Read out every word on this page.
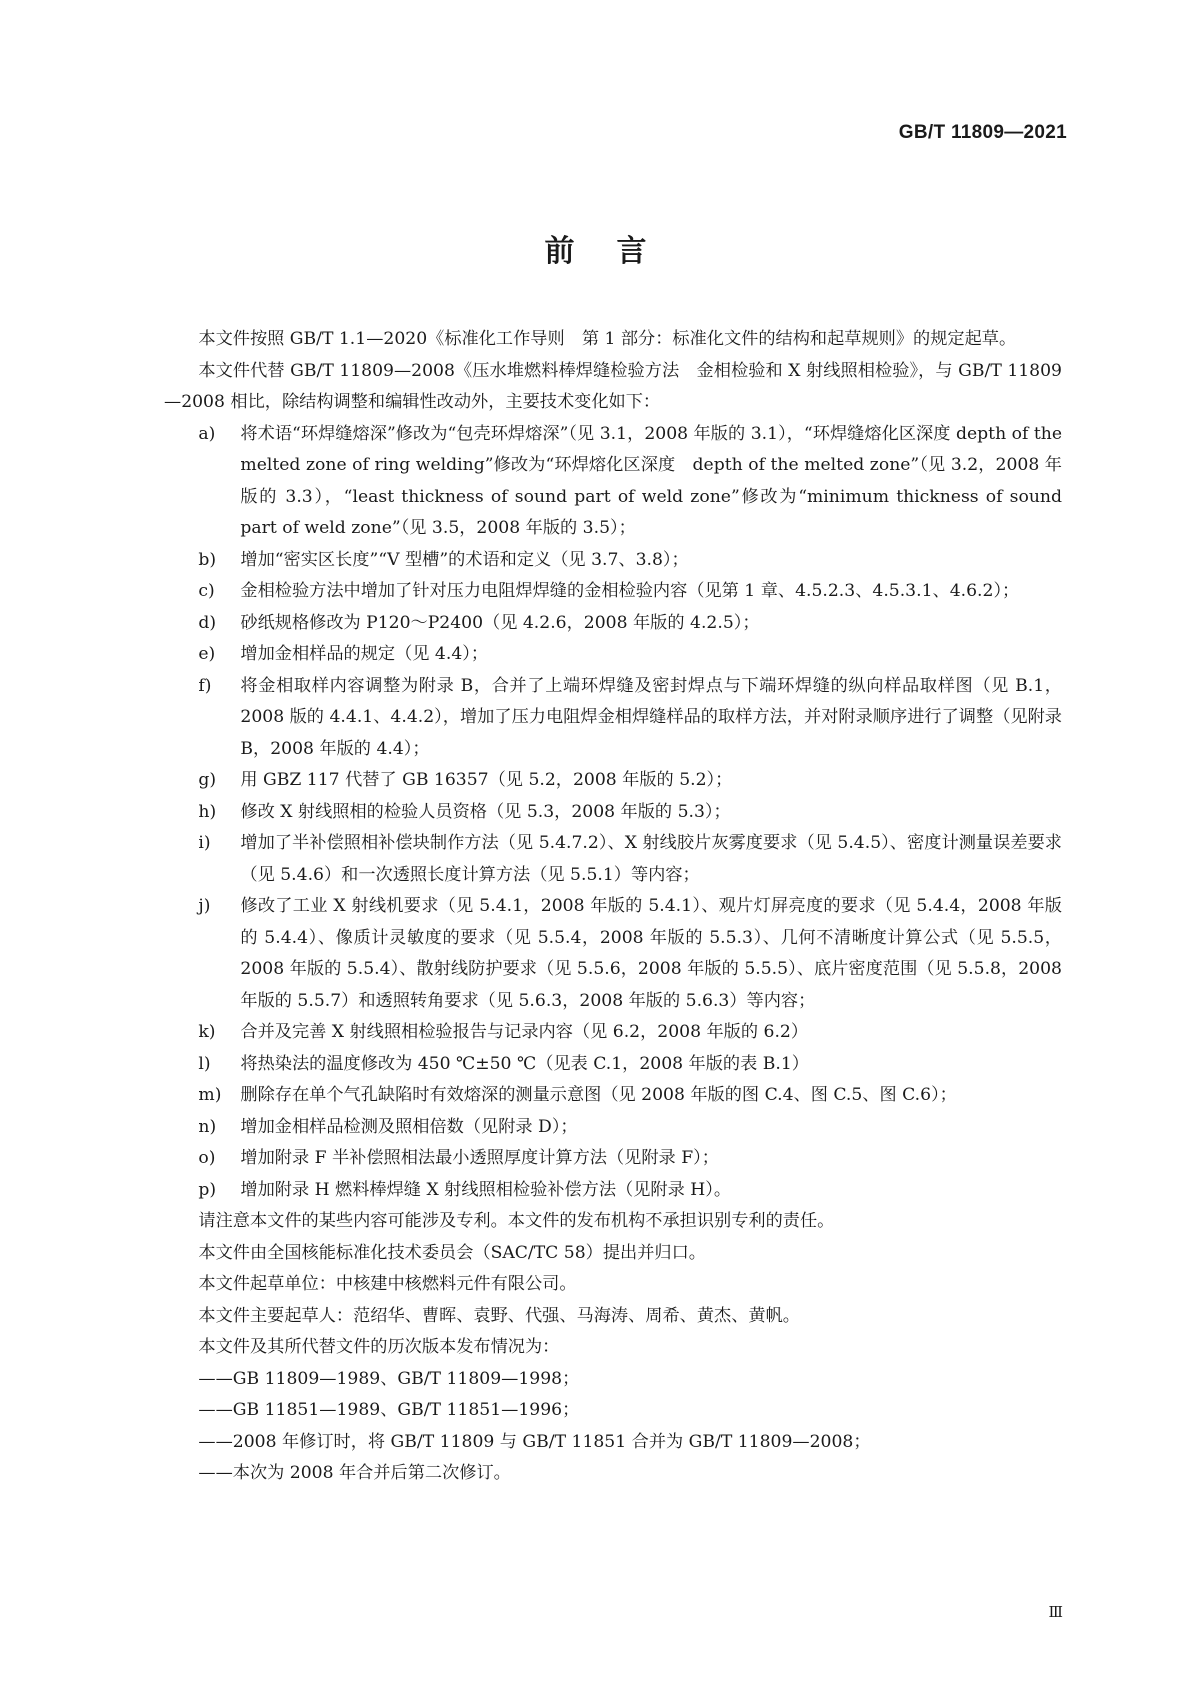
GB/T 11809—2021
前言

本文件按照 GB/T 1.1—2020《标准化工作导则　第 1 部分：标准化文件的结构和起草规则》的规定起草。

本文件代替 GB/T 11809—2008《压水堆燃料棒焊缝检验方法　金相检验和 X 射线照相检验》，与 GB/T 11809—2008 相比，除结构调整和编辑性改动外，主要技术变化如下：

a)	将术语“环焊缝熔深”修改为“包壳环焊熔深”（见 3.1，2008 年版的 3.1），“环焊缝熔化区深度 depth of the melted zone of ring welding”修改为“环焊熔化区深度　depth of the melted zone”（见 3.2，2008 年版的 3.3），“least thickness of sound part of weld zone”修改为“minimum thickness of sound part of weld zone”（见 3.5，2008 年版的 3.5）；
b)	增加“密实区长度”“V 型槽”的术语和定义（见 3.7、3.8）；
c)	金相检验方法中增加了针对压力电阻焊焊缝的金相检验内容（见第 1 章、4.5.2.3、4.5.3.1、4.6.2）；
d)	砂纸规格修改为 P120～P2400（见 4.2.6，2008 年版的 4.2.5）；
e)	增加金相样品的规定（见 4.4）；
f)	将金相取样内容调整为附录 B，合并了上端环焊缝及密封焊点与下端环焊缝的纵向样品取样图（见 B.1，2008 版的 4.4.1、4.4.2），增加了压力电阻焊金相焊缝样品的取样方法，并对附录顺序进行了调整（见附录 B，2008 年版的 4.4）；
g)	用 GBZ 117 代替了 GB 16357（见 5.2，2008 年版的 5.2）；
h)	修改 X 射线照相的检验人员资格（见 5.3，2008 年版的 5.3）；
i)	增加了半补偿照相补偿块制作方法（见 5.4.7.2）、X 射线胶片灰雾度要求（见 5.4.5）、密度计测量误差要求（见 5.4.6）和一次透照长度计算方法（见 5.5.1）等内容；
j)	修改了工业 X 射线机要求（见 5.4.1，2008 年版的 5.4.1）、观片灯屏亮度的要求（见 5.4.4，2008 年版的 5.4.4）、像质计灵敏度的要求（见 5.5.4，2008 年版的 5.5.3）、几何不清晰度计算公式（见 5.5.5，2008 年版的 5.5.4）、散射线防护要求（见 5.5.6，2008 年版的 5.5.5）、底片密度范围（见 5.5.8，2008 年版的 5.5.7）和透照转角要求（见 5.6.3，2008 年版的 5.6.3）等内容；
k)	合并及完善 X 射线照相检验报告与记录内容（见 6.2，2008 年版的 6.2）
l)	将热染法的温度修改为 450 ℃±50 ℃（见表 C.1，2008 年版的表 B.1）
m)	删除存在单个气孔缺陷时有效熔深的测量示意图（见 2008 年版的图 C.4、图 C.5、图 C.6）；
n)	增加金相样品检测及照相倍数（见附录 D）；
o)	增加附录 F 半补偿照相法最小透照厚度计算方法（见附录 F）；
p)	增加附录 H 燃料棒焊缝 X 射线照相检验补偿方法（见附录 H）。

请注意本文件的某些内容可能涉及专利。本文件的发布机构不承担识别专利的责任。

本文件由全国核能标准化技术委员会（SAC/TC 58）提出并归口。

本文件起草单位：中核建中核燃料元件有限公司。

本文件主要起草人：范绍华、曹晖、袁野、代强、马海涛、周希、黄杰、黄帆。

本文件及其所代替文件的历次版本发布情况为：

——GB 11809—1989、GB/T 11809—1998；

——GB 11851—1989、GB/T 11851—1996；

——2008 年修订时，将 GB/T 11809 与 GB/T 11851 合并为 GB/T 11809—2008；

——本次为 2008 年合并后第二次修订。

Ⅲ
